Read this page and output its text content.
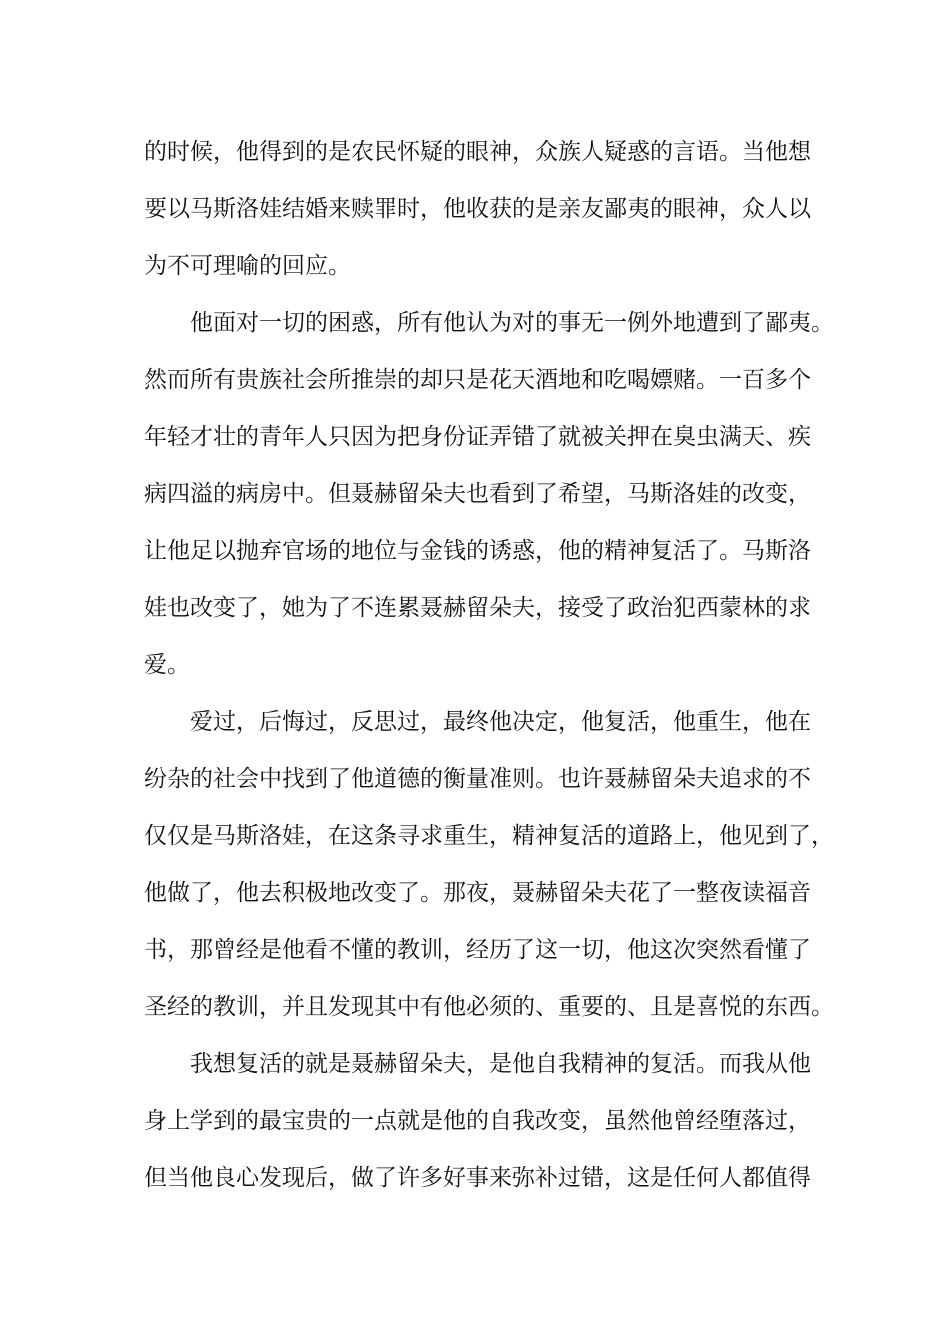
的时候，他得到的是农民怀疑的眼神，众族人疑惑的言语。当他想

要以马斯洛娃结婚来赎罪时，他收获的是亲友鄙夷的眼神，众人以

为不可理喻的回应。

他面对一切的困惑，所有他认为对的事无一例外地遭到了鄙夷。

然而所有贵族社会所推崇的却只是花天酒地和吃喝嫖赌。一百多个

年轻才壮的青年人只因为把身份证弄错了就被关押在臭虫满天、疾

病四溢的病房中。但聂赫留朵夫也看到了希望，马斯洛娃的改变，

让他足以抛弃官场的地位与金钱的诱惑，他的精神复活了。马斯洛

娃也改变了，她为了不连累聂赫留朵夫，接受了政治犯西蒙林的求

爱。

爱过，后悔过，反思过，最终他决定，他复活，他重生，他在

纷杂的社会中找到了他道德的衡量准则。也许聂赫留朵夫追求的不

仅仅是马斯洛娃，在这条寻求重生，精神复活的道路上，他见到了，

他做了，他去积极地改变了。那夜，聂赫留朵夫花了一整夜读福音

书，那曾经是他看不懂的教训，经历了这一切，他这次突然看懂了

圣经的教训，并且发现其中有他必须的、重要的、且是喜悦的东西。

我想复活的就是聂赫留朵夫，是他自我精神的复活。而我从他

身上学到的最宝贵的一点就是他的自我改变，虽然他曾经堕落过，

但当他良心发现后，做了许多好事来弥补过错，这是任何人都值得
